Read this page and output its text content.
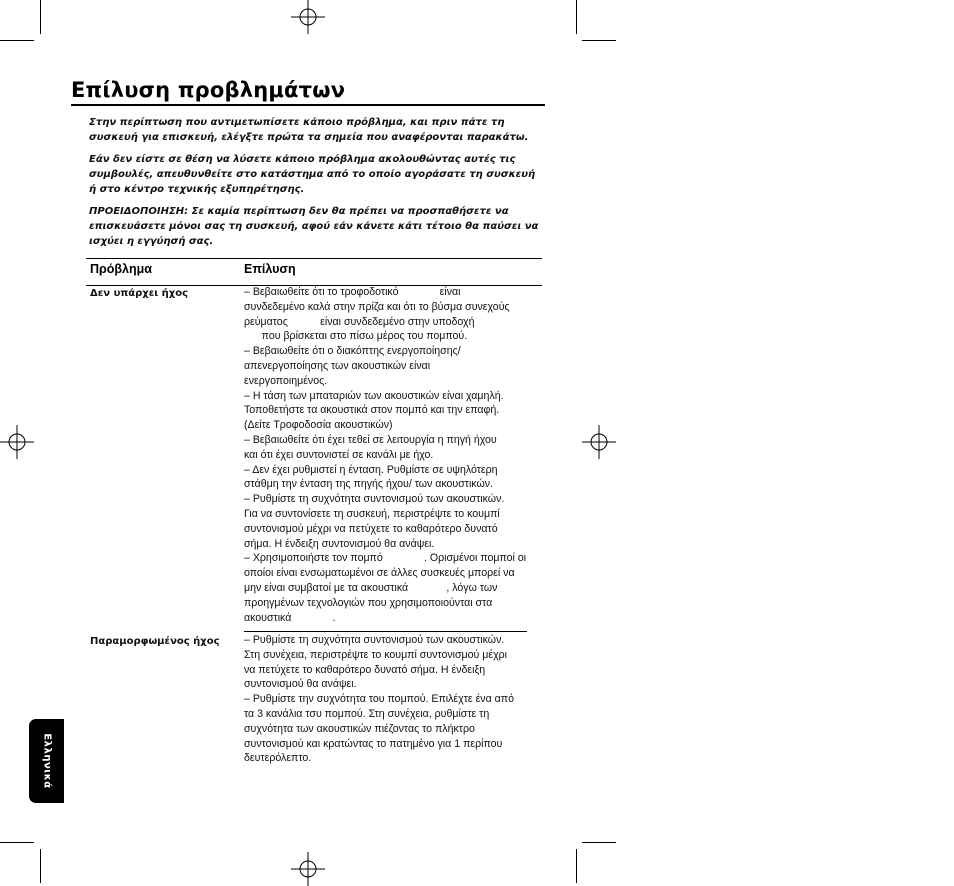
Επίλυση προβλημάτων

Στην περίπτωση που αντιμετωπίσετε κάποιο πρόβλημα, και πριν πάτε τη συσκευή για επισκευή, ελέγξτε πρώτα τα σημεία που αναφέρονται παρακάτω.

Εάν δεν είστε σε θέση να λύσετε κάποιο πρόβλημα ακολουθώντας αυτές τις συμβουλές, απευθυνθείτε στο κατάστημα από το οποίο αγοράσατε τη συσκευή ή στο κέντρο τεχνικής εξυπηρέτησης.

ΠΡΟΕΙΔΟΠΟΙΗΣΗ: Σε καμία περίπτωση δεν θα πρέπει να προσπαθήσετε να επισκευάσετε μόνοι σας τη συσκευή, αφού εάν κάνετε κάτι τέτοιο θα παύσει να ισχύει η εγγύησή σας.

Πρόβλημα	Επίλυση
Δεν υπάρχει ήχος	– Βεβαιωθείτε ότι το τροφοδοτικό              είναι
συνδεδεμένο καλά στην πρίζα και ότι το βύσμα συνεχούς
ρεύματος           είναι συνδεδεμένο στην υποδοχή
που βρίσκεται στο πίσω μέρος του πομπού.
– Βεβαιωθείτε ότι ο διακόπτης ενεργοποίησης/
απενεργοποίησης των ακουστικών είναι
ενεργοποιημένος.
– Η τάση των μπαταριών των ακουστικών είναι χαμηλή.
Τοποθετήστε τα ακουστικά στον πομπό και την επαφή.
(Δείτε Τροφοδοσία ακουστικών)
– Βεβαιωθείτε ότι έχει τεθεί σε λειτουργία η πηγή ήχου
και ότι έχει συντονιστεί σε κανάλι με ήχο.
– Δεν έχει ρυθμιστεί η ένταση. Ρυθμίστε σε υψηλότερη
στάθμη την ένταση της πηγής ήχου/ των ακουστικών.
– Ρυθμίστε τη συχνότητα συντονισμού των ακουστικών.
Για να συντονίσετε τη συσκευή, περιστρέψτε το κουμπί
συντονισμού μέχρι να πετύχετε το καθαρότερο δυνατό
σήμα. Η ένδειξη συντονισμού θα ανάψει.
– Χρησιμοποιήστε τον πομπό              . Ορισμένοι πομποί οι
οποίοι είναι ενσωματωμένοι σε άλλες συσκευές μπορεί να
μην είναι συμβατοί με τα ακουστικά             , λόγω των
προηγμένων τεχνολογιών που χρησιμοποιούνται στα
ακουστικά              .
Παραμορφωμένος ήχος	– Ρυθμίστε τη συχνότητα συντονισμού των ακουστικών.
Στη συνέχεια, περιστρέψτε το κουμπί συντονισμού μέχρι
να πετύχετε το καθαρότερο δυνατό σήμα. Η ένδειξη
συντονισμού θα ανάψει.
– Ρυθμίστε την συχνότητα του πομπού. Επιλέχτε ένα από
τα 3 κανάλια τσυ πομπού. Στη συνέχεια, ρυθμίστε τη
συχνότητα των ακουστικών πιέζοντας το πλήκτρο
συντονισμού και κρατώντας το πατημένο για 1 περίπου
δευτερόλεπτο.
Ελληνικά
